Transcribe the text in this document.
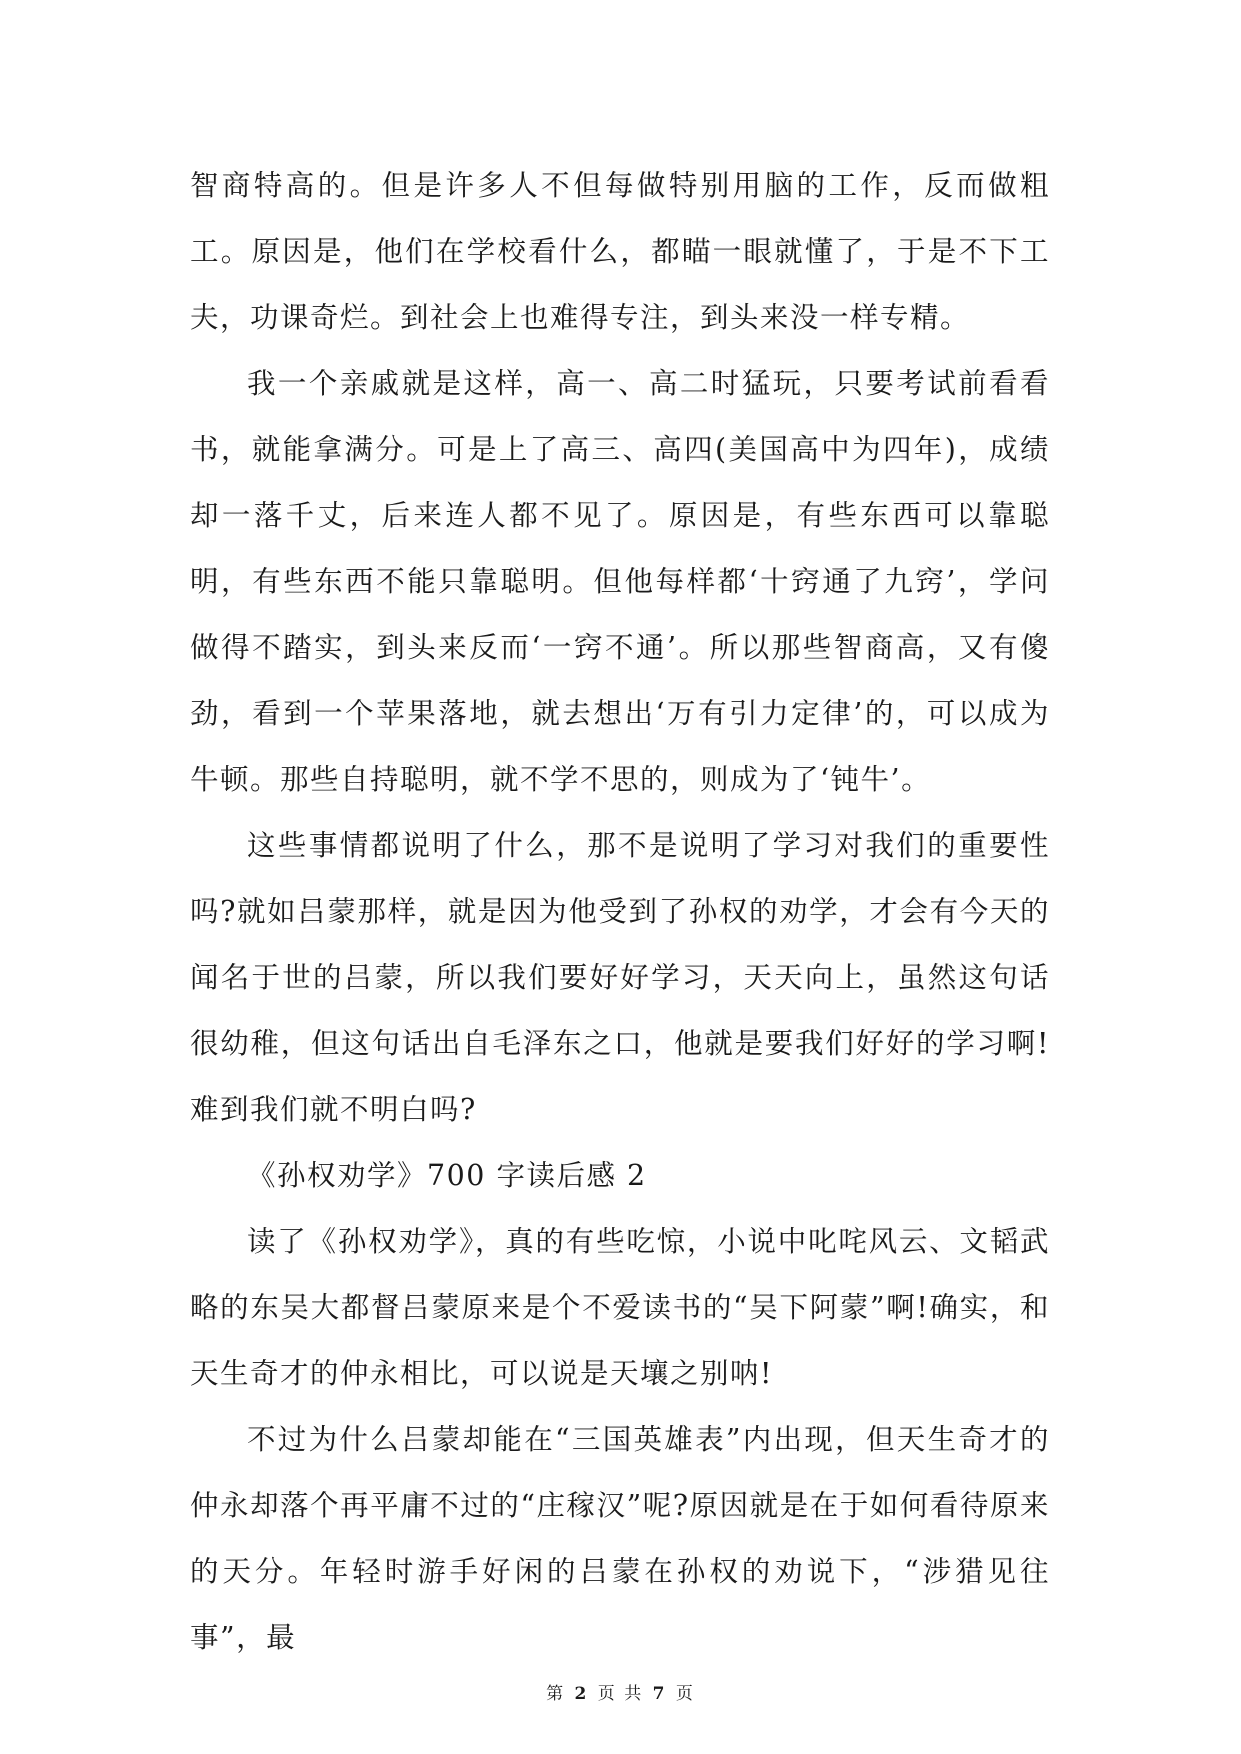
智商特高的。但是许多人不但每做特别用脑的工作，反而做粗工。原因是，他们在学校看什么，都瞄一眼就懂了，于是不下工夫，功课奇烂。到社会上也难得专注，到头来没一样专精。

我一个亲戚就是这样，高一、高二时猛玩，只要考试前看看书，就能拿满分。可是上了高三、高四(美国高中为四年)，成绩却一落千丈，后来连人都不见了。原因是，有些东西可以靠聪明，有些东西不能只靠聪明。但他每样都‘十窍通了九窍’，学问做得不踏实，到头来反而‘一窍不通’。所以那些智商高，又有傻劲，看到一个苹果落地，就去想出‘万有引力定律’的，可以成为牛顿。那些自持聪明，就不学不思的，则成为了‘钝牛’。

这些事情都说明了什么，那不是说明了学习对我们的重要性吗?就如吕蒙那样，就是因为他受到了孙权的劝学，才会有今天的闻名于世的吕蒙，所以我们要好好学习，天天向上，虽然这句话很幼稚，但这句话出自毛泽东之口，他就是要我们好好的学习啊!难到我们就不明白吗?

《孙权劝学》700 字读后感 2

读了《孙权劝学》，真的有些吃惊，小说中叱咤风云、文韬武略的东吴大都督吕蒙原来是个不爱读书的“吴下阿蒙”啊!确实，和天生奇才的仲永相比，可以说是天壤之别呐!

不过为什么吕蒙却能在“三国英雄表”内出现，但天生奇才的仲永却落个再平庸不过的“庄稼汉”呢?原因就是在于如何看待原来的天分。年轻时游手好闲的吕蒙在孙权的劝说下，“涉猎见往事”，最

第 2 页 共 7 页
